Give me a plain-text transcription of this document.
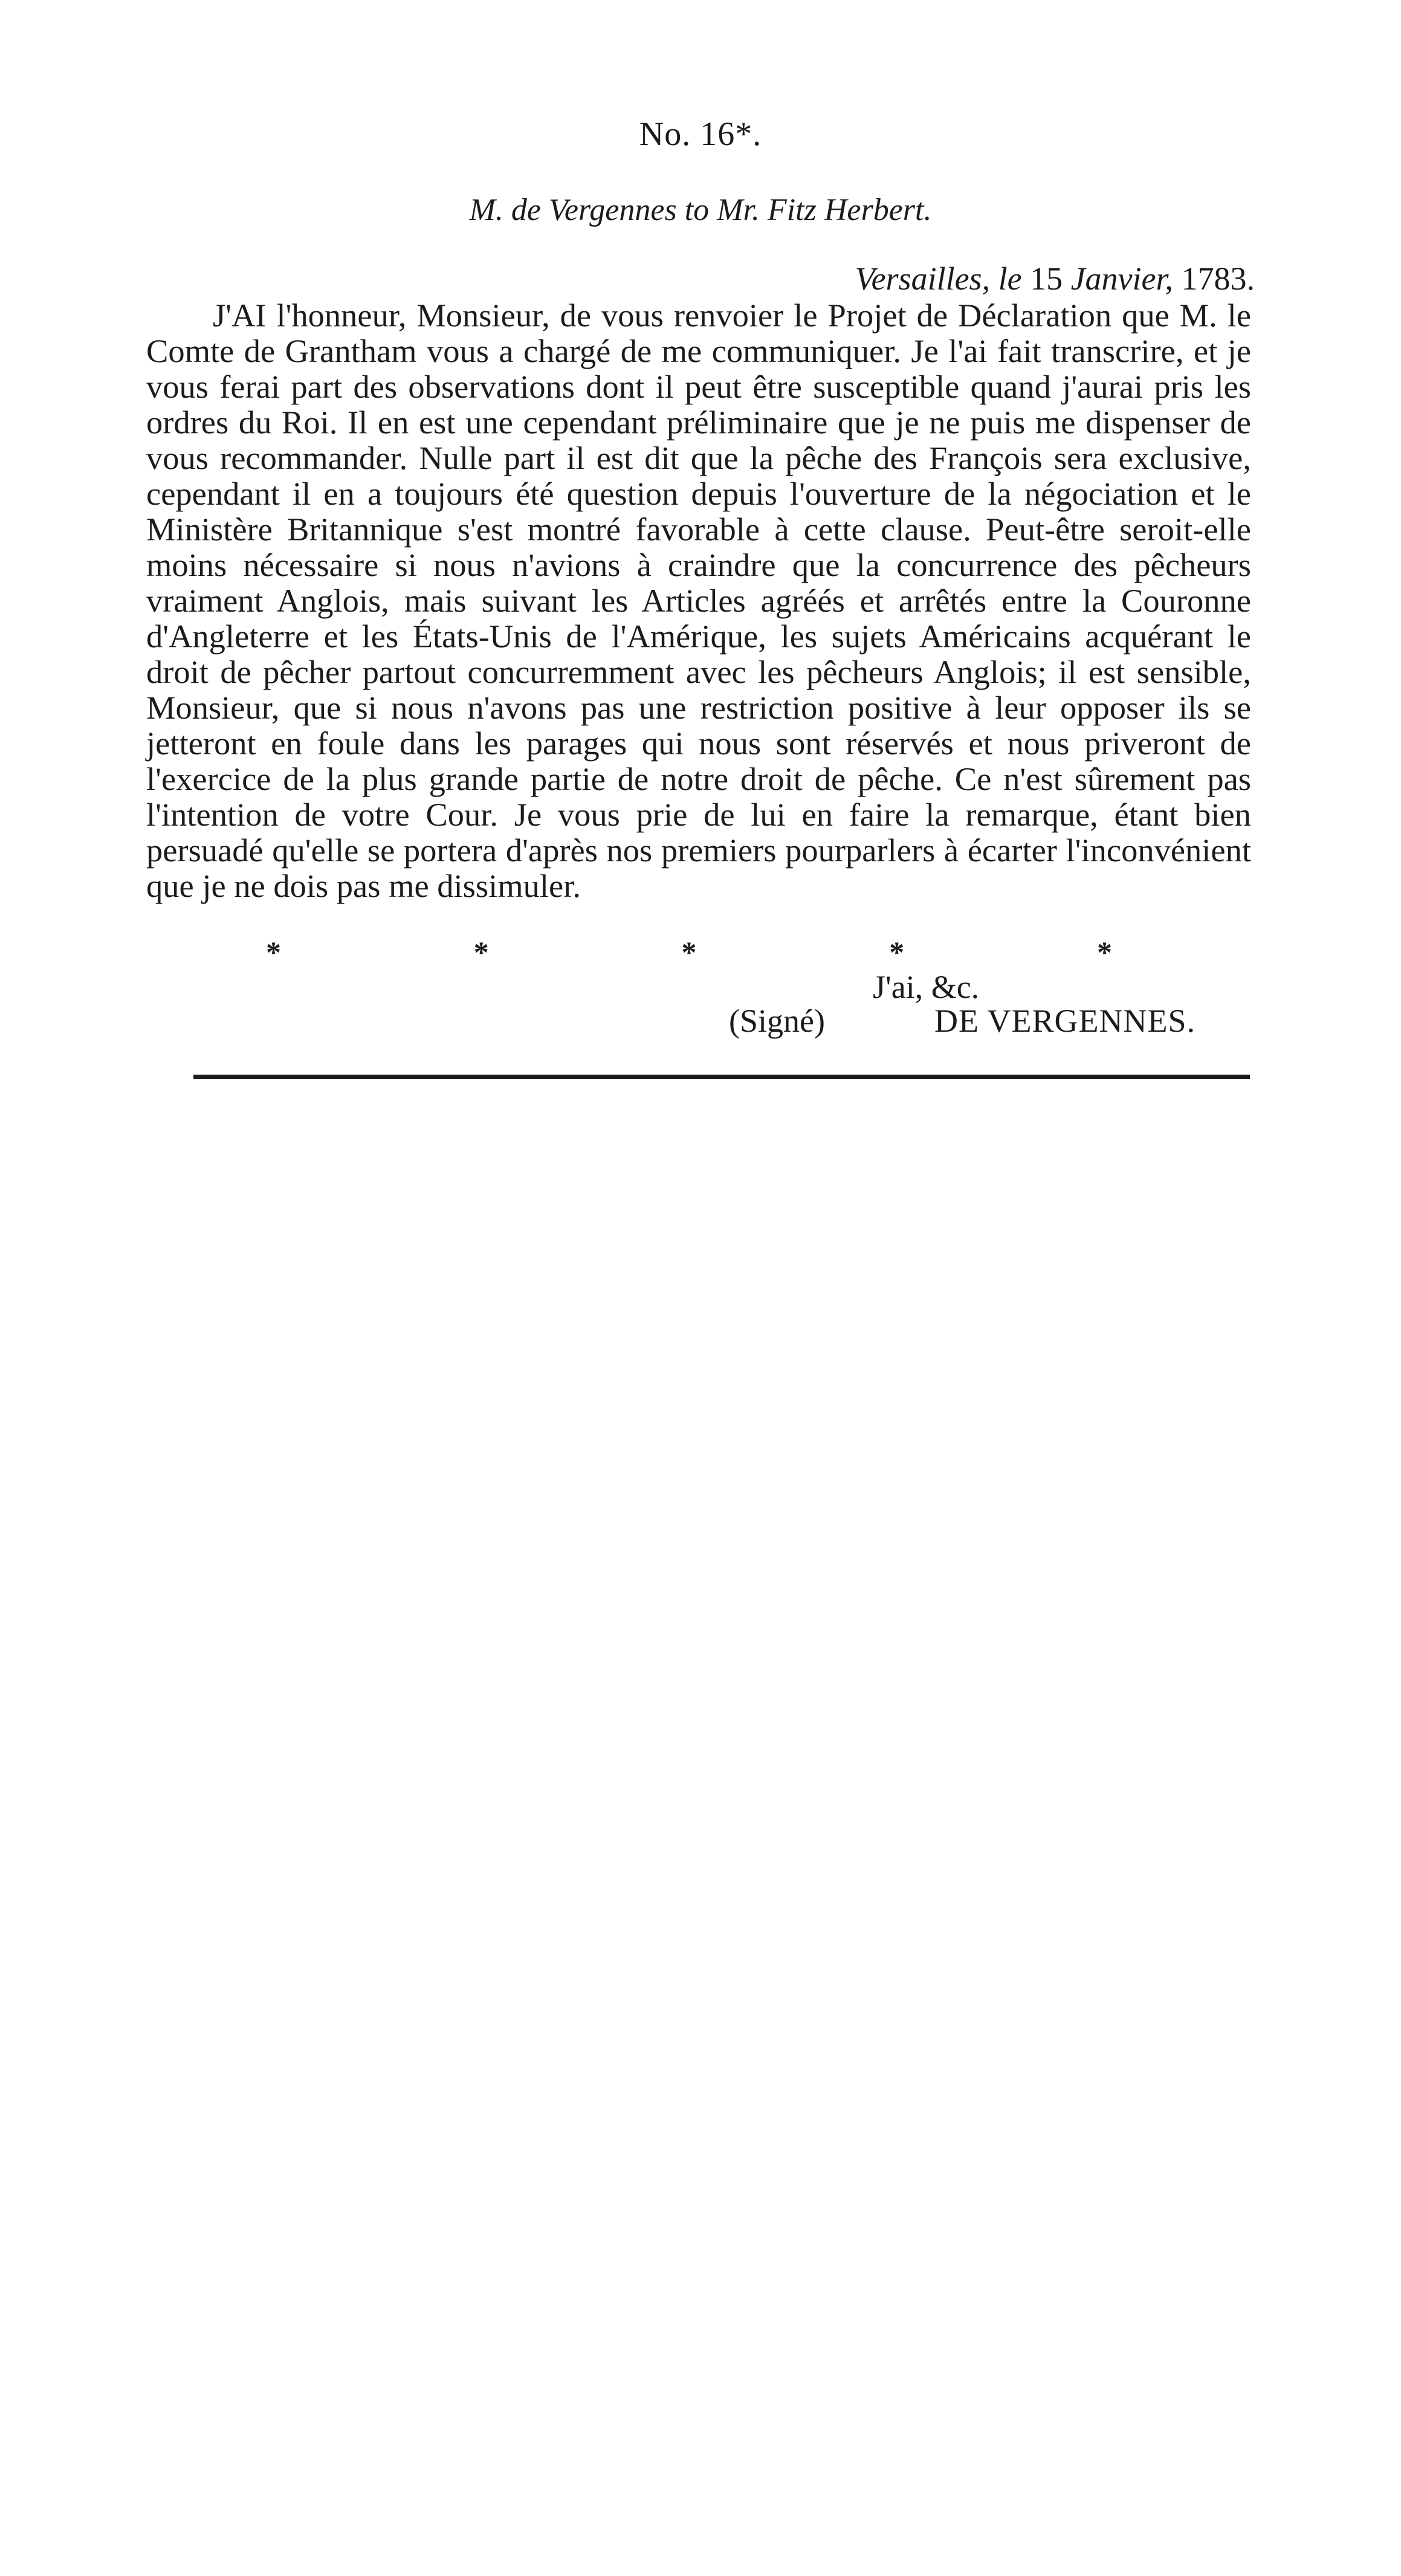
No. 16*.
M. de Vergennes to Mr. Fitz Herbert.
Versailles, le 15 Janvier, 1783.

J'AI l'honneur, Monsieur, de vous renvoier le Projet de Déclaration que M. le Comte de Grantham vous a chargé de me communiquer. Je l'ai fait transcrire, et je vous ferai part des observations dont il peut être susceptible quand j'aurai pris les ordres du Roi. Il en est une cependant préliminaire que je ne puis me dispenser de vous recommander. Nulle part il est dit que la pêche des François sera exclusive, cependant il en a toujours été question depuis l'ouverture de la négociation et le Ministère Britannique s'est montré favorable à cette clause. Peut-être seroit-elle moins nécessaire si nous n'avions à craindre que la concurrence des pêcheurs vraiment Anglois, mais suivant les Articles agréés et arrêtés entre la Couronne d'Angleterre et les États-Unis de l'Amérique, les sujets Américains acquérant le droit de pêcher partout concurremment avec les pêcheurs Anglois; il est sensible, Monsieur, que si nous n'avons pas une restriction positive à leur opposer ils se jetteront en foule dans les parages qui nous sont réservés et nous priveront de l'exercice de la plus grande partie de notre droit de pêche. Ce n'est sûrement pas l'intention de votre Cour. Je vous prie de lui en faire la remarque, étant bien persuadé qu'elle se portera d'après nos premiers pourparlers à écarter l'inconvénient que je ne dois pas me dissimuler.

*	*	*	*	*
J'ai, &c.
(Signé)	DE VERGENNES.
